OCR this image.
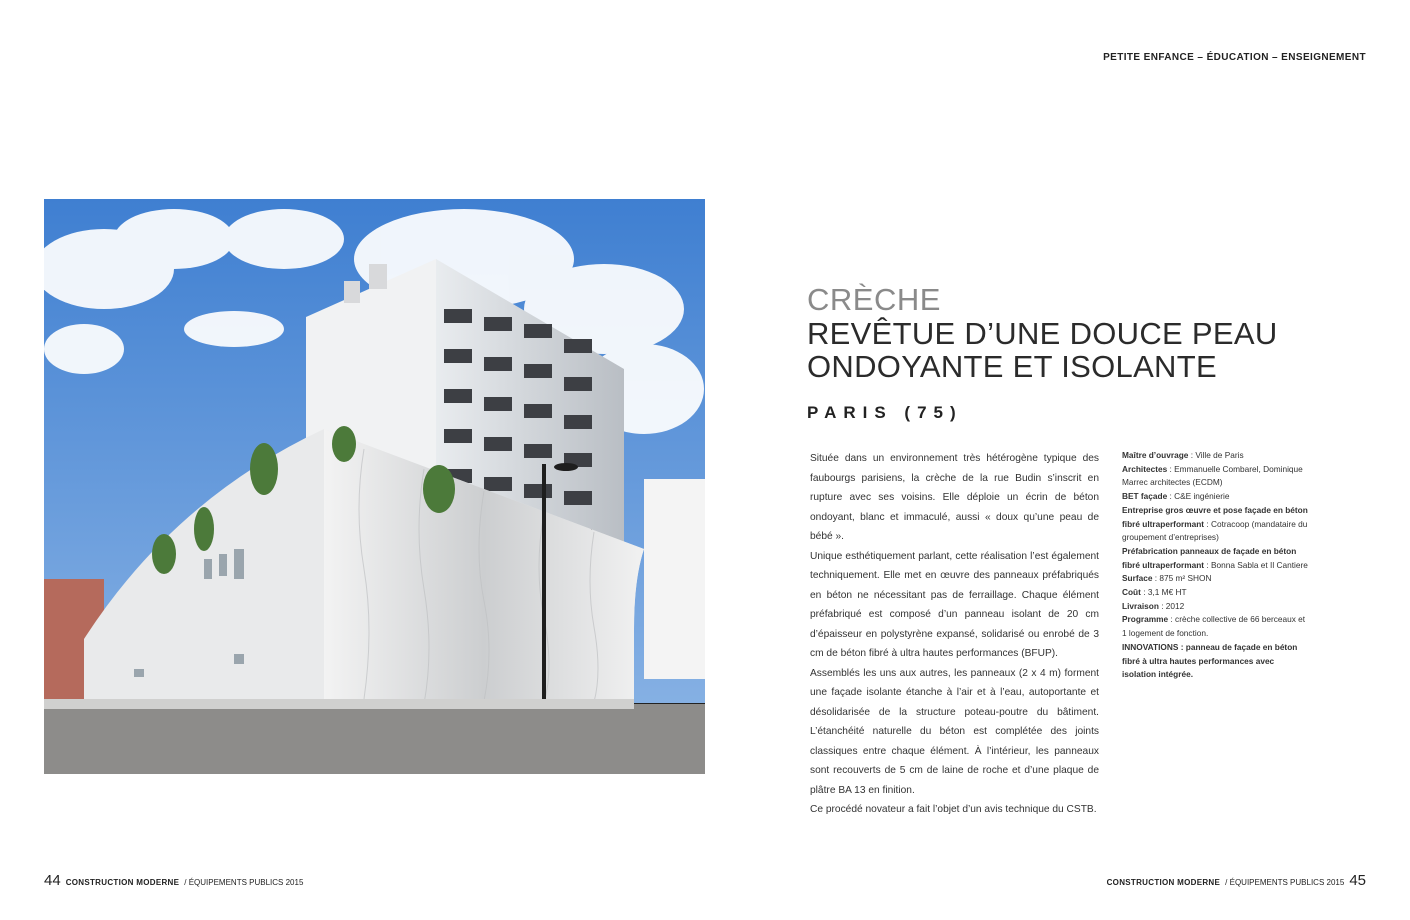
PETITE ENFANCE – ÉDUCATION – ENSEIGNEMENT
CRÈCHE
REVÊTUE D’UNE DOUCE PEAU
ONDOYANTE ET ISOLANTE
PARIS (75)

Située dans un environnement très hétérogène typique des faubourgs parisiens, la crèche de la rue Budin s’inscrit en rupture avec ses voisins. Elle déploie un écrin de béton ondoyant, blanc et immaculé, aussi « doux qu’une peau de bébé ».

Unique esthétiquement parlant, cette réalisation l’est également techniquement. Elle met en œuvre des panneaux préfabriqués en béton ne nécessitant pas de ferraillage. Chaque élément préfabriqué est composé d’un panneau isolant de 20 cm d’épaisseur en polystyrène expansé, solidarisé ou enrobé de 3 cm de béton fibré à ultra hautes performances (BFUP).

Assemblés les uns aux autres, les panneaux (2 x 4 m) forment une façade isolante étanche à l’air et à l’eau, autoportante et désolidarisée de la structure poteau-poutre du bâtiment. L’étanchéité naturelle du béton est complétée des joints classiques entre chaque élément. À l’intérieur, les panneaux sont recouverts de 5 cm de laine de roche et d’une plaque de plâtre BA 13 en finition.

Ce procédé novateur a fait l’objet d’un avis technique du CSTB.

Maître d’ouvrage : Ville de Paris

Architectes : Emmanuelle Combarel, Dominique Marrec architectes (ECDM)

BET façade : C&E ingénierie

Entreprise gros œuvre et pose façade en béton fibré ultraperformant : Cotracoop (mandataire du groupement d’entreprises)

Préfabrication panneaux de façade en béton fibré ultraperformant : Bonna Sabla et Il Cantiere

Surface : 875 m² SHON

Coût : 3,1 M€ HT

Livraison : 2012

Programme : crèche collective de 66 berceaux et 1 logement de fonction.

INNOVATIONS : panneau de façade en béton fibré à ultra hautes performances avec isolation intégrée.

44 CONSTRUCTION MODERNE / ÉQUIPEMENTS PUBLICS 2015	CONSTRUCTION MODERNE / ÉQUIPEMENTS PUBLICS 2015 45
